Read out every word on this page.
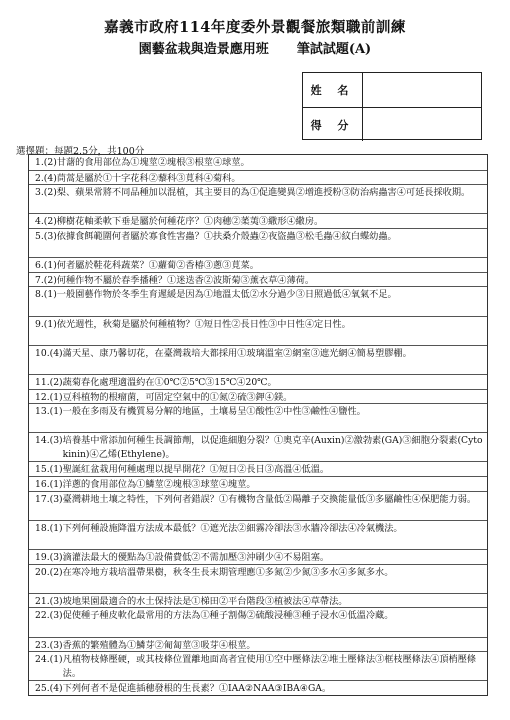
嘉義市政府114年度委外景觀餐旅類職前訓練
園藝盆栽與造景應用班 筆試試題(A)
姓 名
得 分
選擇題：每題2.5分，共100分
1. (2) 甘藷的食用部位為①塊莖②塊根③根莖④球莖。
2. (4) 茼蒿是屬於①十字花科②藜科③莧科④菊科。
3. (2) 梨、蘋果常將不同品種加以混植，其主要目的為①促進變異②增進授粉③防治病蟲害④可延長採收期。
4. (2) 柳樹花軸柔軟下垂是屬於何種花序？①肉穗②葇荑③繖形④繖房。
5. (3) 依據食餌範圍何者屬於寡食性害蟲？①扶桑介殼蟲②夜盜蟲③松毛蟲④紋白蝶幼蟲。
6. (1) 何者屬於鞋花科蔬菜？①蘿蔔②香椿③蔥③莧菜。
7. (2) 何種作物不屬於春季播種？①迷迭香②波斯菊③薰衣草④薄荷。
8. (1) 一般園藝作物於冬季生育遲緩是因為①地溫太低②水分過少③日照過低④氧氣不足。
9. (1) 依光週性，秋菊是屬於何種植物？①短日性②長日性③中日性④定日性。
10. (4) 滿天星、康乃馨切花，在臺灣栽培大都採用①玻璃溫室②網室③遮光網④簡易塑膠棚。
11. (2) 蔬菊春化處理適溫約在①0℃②5℃③15℃④20℃。
12. (1) 豆科植物的根瘤菌，可固定空氣中的①氮②硫③鉀④鎂。
13. (1) 一般在多雨及有機質易分解的地區，土壤易呈①酸性②中性③鹼性④鹽性。
14. (3) 培養基中常添加何種生長調節劑，以促進細胞分裂？①奧克辛(Auxin)②激勃素(GA)③細胞分裂素(Cytokinin)④乙烯(Ethylene)。
15. (1) 聖誕紅盆栽用何種處理以提早開花？①短日②長日③高溫④低溫。
16. (1) 洋蔥的食用部位為①鱗莖②塊根③球莖④塊莖。
17. (3) 臺灣耕地土壤之特性，下列何者錯誤？①有機物含量低②陽離子交換能量低③多屬鹼性④保肥能力弱。
18. (1) 下列何種設施降溫方法成本最低？①遮光法②細霧冷卻法③水牆冷卻法④冷氣機法。
19. (3) 滴灌法最大的優點為①設備費低②不需加壓③沖刷少④不易阻塞。
20. (2) 在寒冷地方栽培溫帶果樹，秋冬生長末期管理應①多氮②少氮③多水④多氮多水。
21. (3) 坡地果園最適合的水土保持法是①梯田②平台階段③植被法④草帶法。
22. (3) 促使種子種皮軟化最常用的方法為①種子割傷②硫酸浸種③種子浸水④低溫冷藏。
23. (3) 香蕉的繁殖體為①鱗芽②匍匐莖③吸芽④根莖。
24. (1) 凡植物枝條壓硬，或其枝條位置離地面高者宜使用①空中壓條法②堆土壓條法③框枝壓條法④頂梢壓條法。
25. (4) 下列何者不是促進插穗發根的生長素？①IAA②NAA③IBA④GA。
